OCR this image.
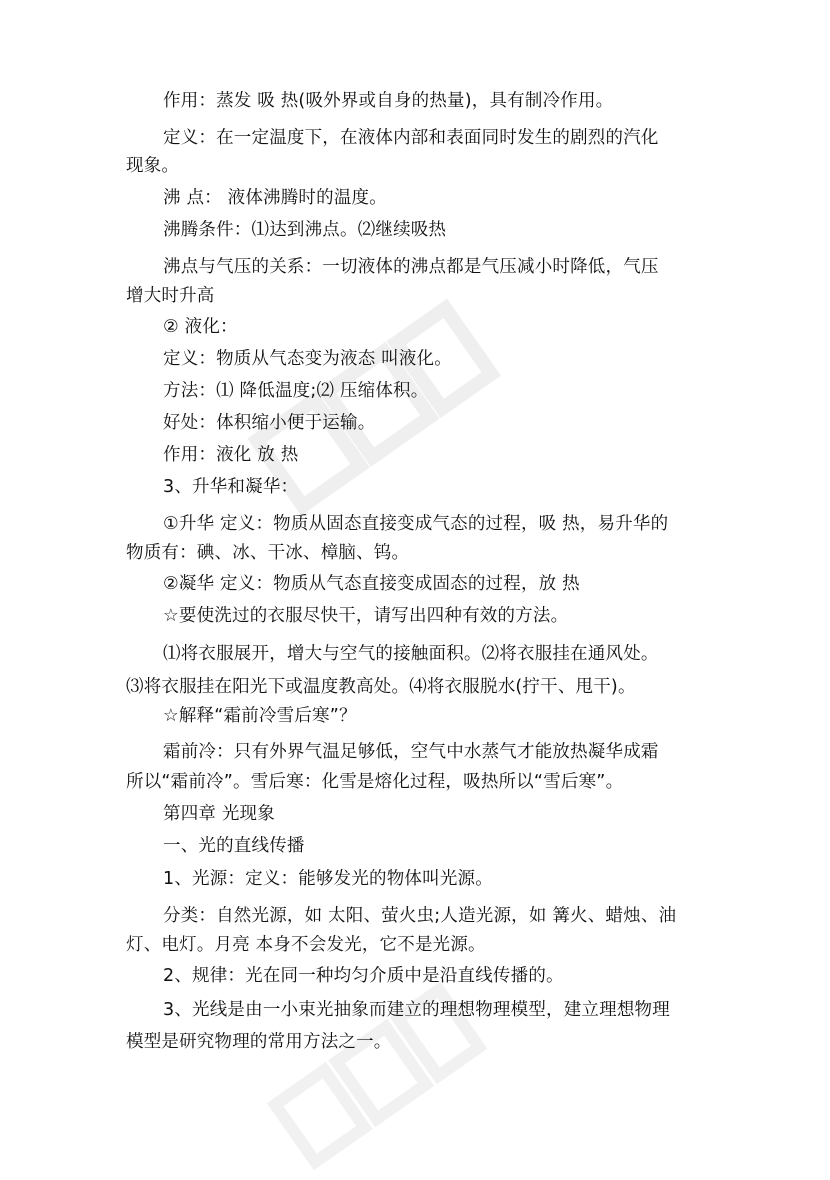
作用：蒸发 吸 热(吸外界或自身的热量)，具有制冷作用。
定义：在一定温度下，在液体内部和表面同时发生的剧烈的汽化
现象。
沸 点： 液体沸腾时的温度。
沸腾条件：⑴达到沸点。⑵继续吸热
沸点与气压的关系：一切液体的沸点都是气压减小时降低，气压
增大时升高
② 液化：
定义：物质从气态变为液态 叫液化。
方法：⑴ 降低温度;⑵ 压缩体积。
好处：体积缩小便于运输。
作用：液化 放 热
3、升华和凝华：
①升华 定义：物质从固态直接变成气态的过程，吸 热，易升华的
物质有：碘、冰、干冰、樟脑、钨。
②凝华 定义：物质从气态直接变成固态的过程，放 热
☆要使洗过的衣服尽快干，请写出四种有效的方法。
⑴将衣服展开，增大与空气的接触面积。⑵将衣服挂在通风处。
⑶将衣服挂在阳光下或温度教高处。⑷将衣服脱水(拧干、甩干)。
☆解释“霜前冷雪后寒”？
霜前冷：只有外界气温足够低，空气中水蒸气才能放热凝华成霜
所以“霜前冷”。雪后寒：化雪是熔化过程，吸热所以“雪后寒”。
第四章 光现象
一、光的直线传播
1、光源：定义：能够发光的物体叫光源。
分类：自然光源，如 太阳、萤火虫;人造光源，如 篝火、蜡烛、油
灯、电灯。月亮 本身不会发光，它不是光源。
2、规律：光在同一种均匀介质中是沿直线传播的。
3、光线是由一小束光抽象而建立的理想物理模型，建立理想物理
模型是研究物理的常用方法之一。
